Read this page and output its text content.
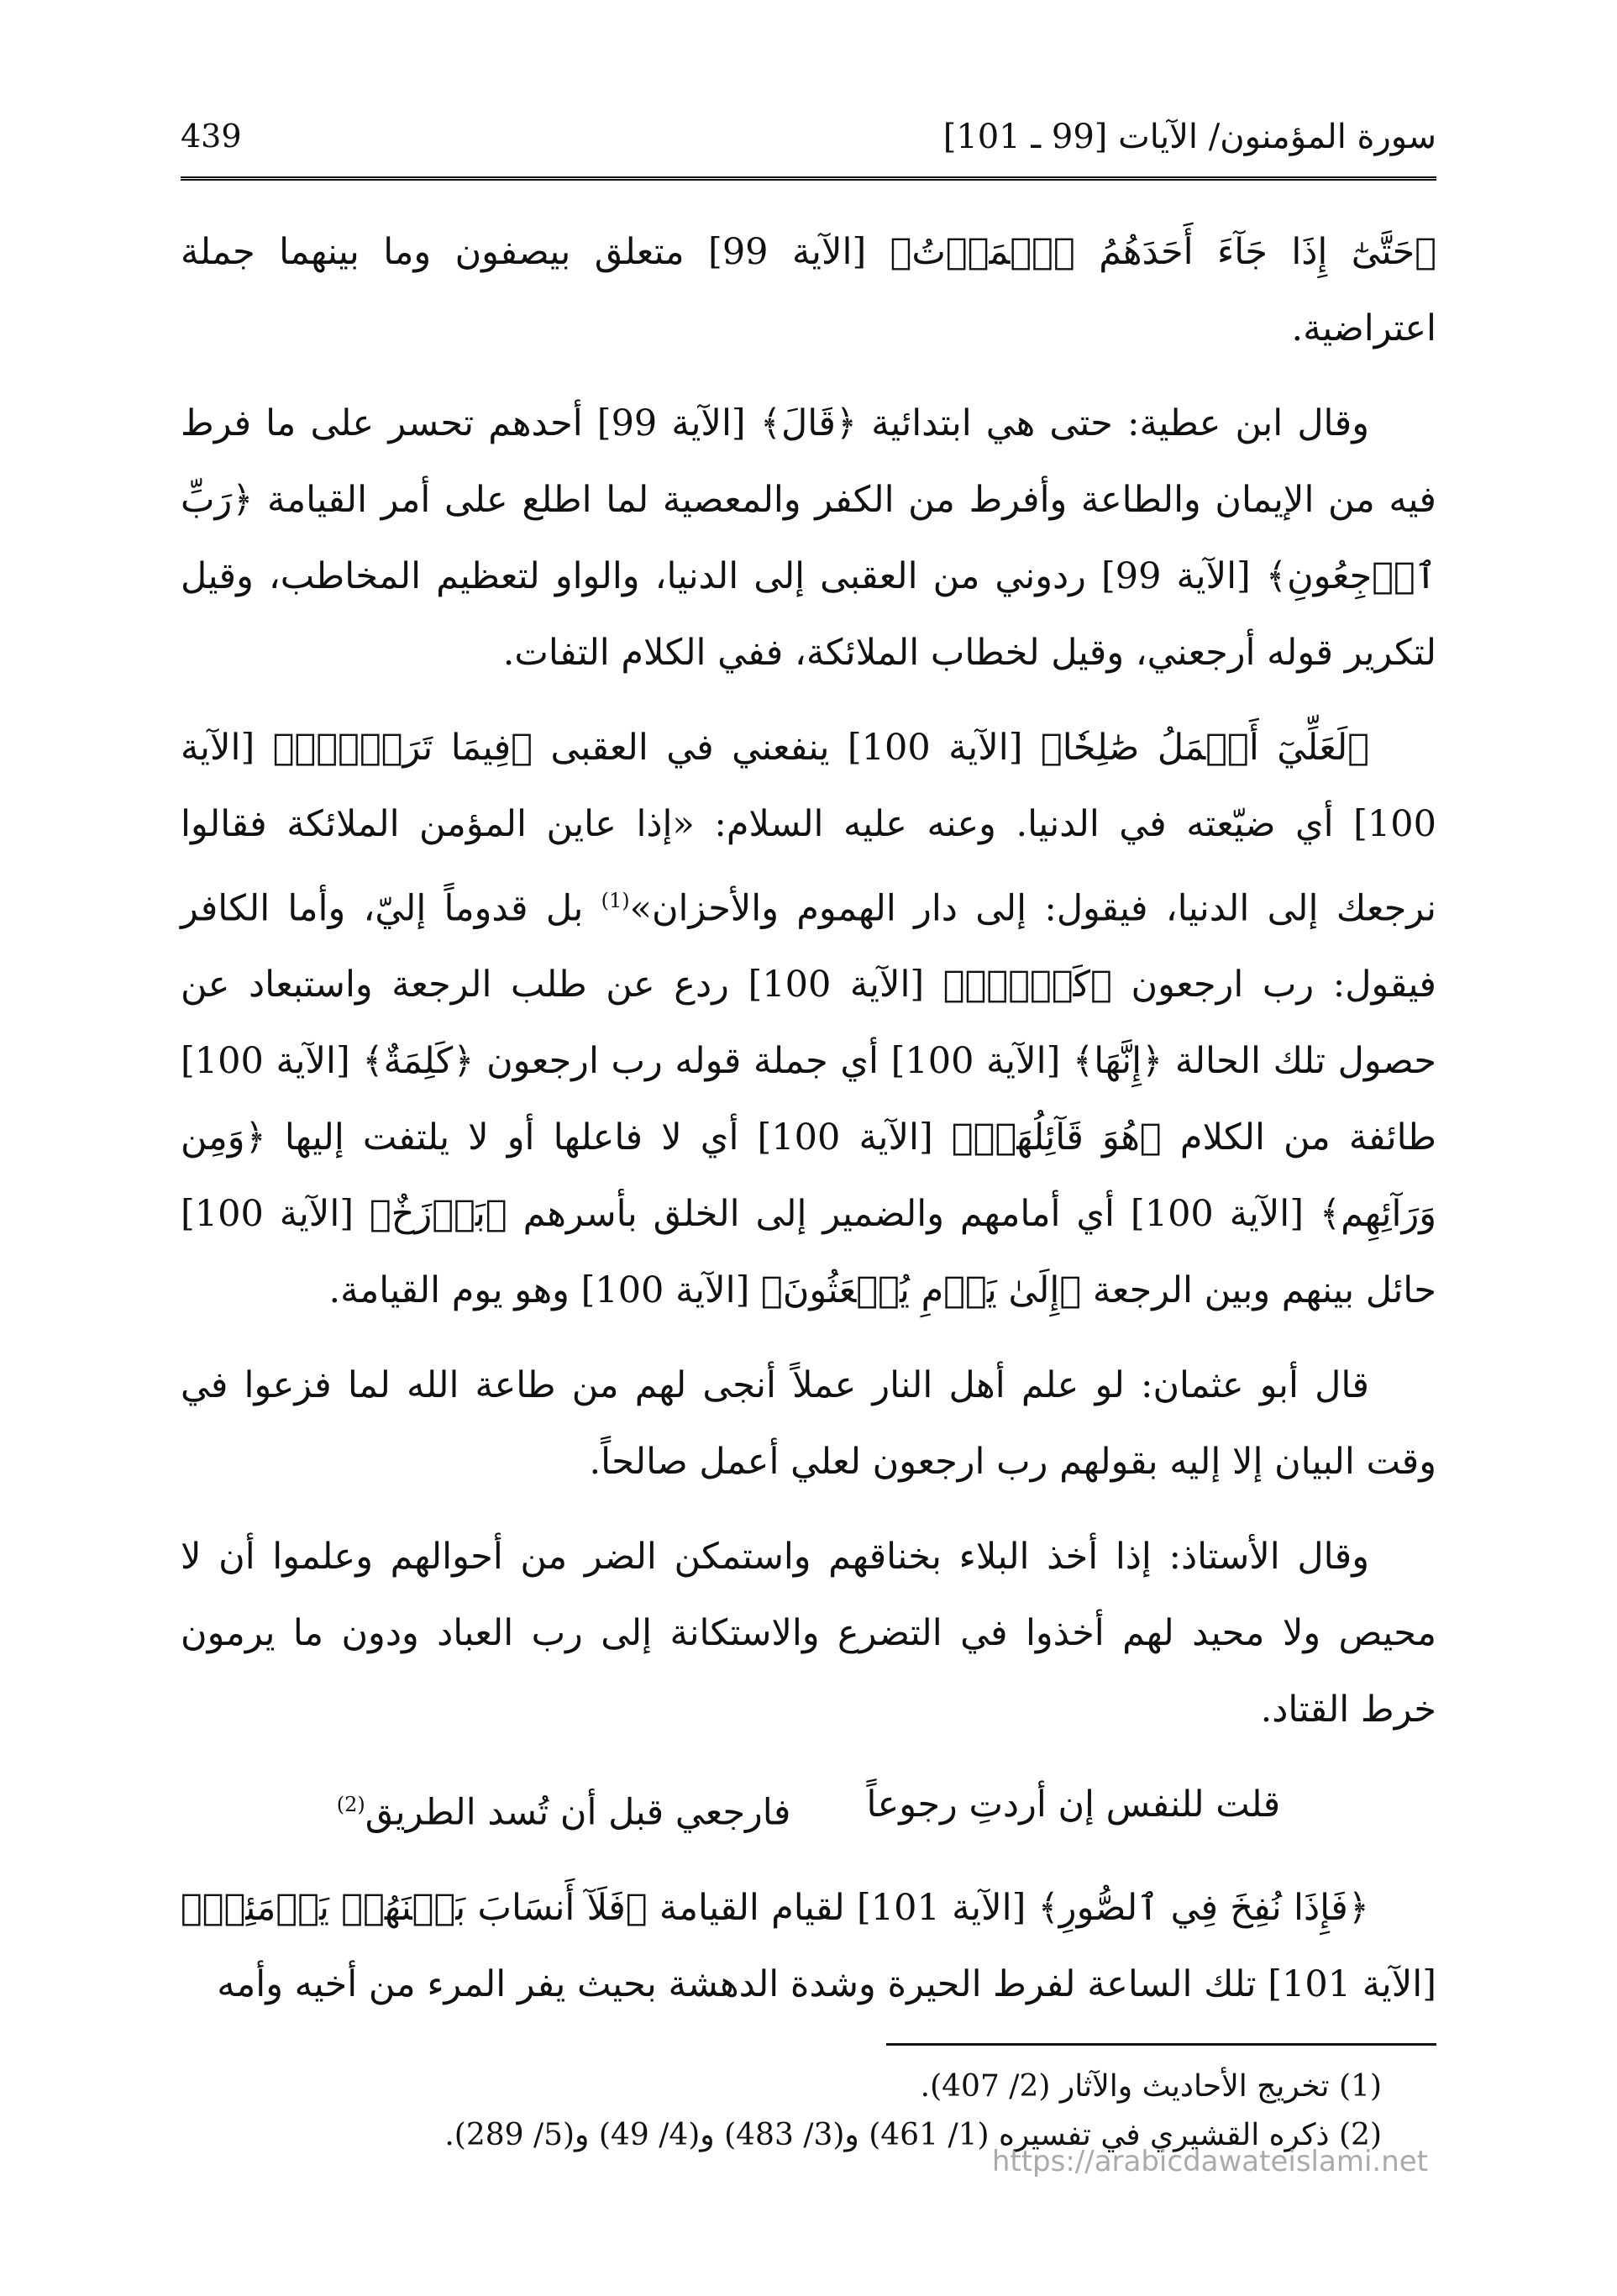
439	سورة المؤمنون/ الآيات [99 ـ 101]

﴿حَتَّىٰٓ إِذَا جَآءَ أَحَدَهُمُ ٱلۡمَوۡتُ﴾ [الآية 99] متعلق بيصفون وما بينهما جملة اعتراضية.

وقال ابن عطية: حتى هي ابتدائية ﴿قَالَ﴾ [الآية 99] أحدهم تحسر على ما فرط فيه من الإيمان والطاعة وأفرط من الكفر والمعصية لما اطلع على أمر القيامة ﴿رَبِّ ٱرۡجِعُونِ﴾ [الآية 99] ردوني من العقبى إلى الدنيا، والواو لتعظيم المخاطب، وقيل لتكرير قوله أرجعني، وقيل لخطاب الملائكة، ففي الكلام التفات.

﴿لَعَلِّيٓ أَعۡمَلُ صَٰلِحٗا﴾ [الآية 100] ينفعني في العقبى ﴿فِيمَا تَرَكۡتُۚ﴾ [الآية 100] أي ضيّعته في الدنيا. وعنه عليه السلام: «إذا عاين المؤمن الملائكة فقالوا نرجعك إلى الدنيا، فيقول: إلى دار الهموم والأحزان»$^{(1)}$ بل قدوماً إليّ، وأما الكافر فيقول: رب ارجعون ﴿كَلَّآۚ﴾ [الآية 100] ردع عن طلب الرجعة واستبعاد عن حصول تلك الحالة ﴿إِنَّهَا﴾ [الآية 100] أي جملة قوله رب ارجعون ﴿كَلِمَةٌ﴾ [الآية 100] طائفة من الكلام ﴿هُوَ قَآئِلُهَاۖ﴾ [الآية 100] أي لا فاعلها أو لا يلتفت إليها ﴿وَمِن وَرَآئِهِم﴾ [الآية 100] أي أمامهم والضمير إلى الخلق بأسرهم ﴿بَرۡزَخٌ﴾ [الآية 100] حائل بينهم وبين الرجعة ﴿إِلَىٰ يَوۡمِ يُبۡعَثُونَ﴾ [الآية 100] وهو يوم القيامة.

قال أبو عثمان: لو علم أهل النار عملاً أنجى لهم من طاعة الله لما فزعوا في وقت البيان إلا إليه بقولهم رب ارجعون لعلي أعمل صالحاً.

وقال الأستاذ: إذا أخذ البلاء بخناقهم واستمكن الضر من أحوالهم وعلموا أن لا محيص ولا محيد لهم أخذوا في التضرع والاستكانة إلى رب العباد ودون ما يرمون خرط القتاد.

قلت للنفس إن أردتِ رجوعاً
فارجعي قبل أن تُسد الطريق$^{(2)}$

﴿فَإِذَا نُفِخَ فِي ٱلصُّورِ﴾ [الآية 101] لقيام القيامة ﴿فَلَآ أَنسَابَ بَيۡنَهُمۡ يَوۡمَئِذٖ﴾ [الآية 101] تلك الساعة لفرط الحيرة وشدة الدهشة بحيث يفر المرء من أخيه وأمه

(1) تخريج الأحاديث والآثار (2/ 407).

(2) ذكره القشيري في تفسيره (1/ 461) و(3/ 483) و(4/ 49) و(5/ 289).

https://arabicdawateislami.net
